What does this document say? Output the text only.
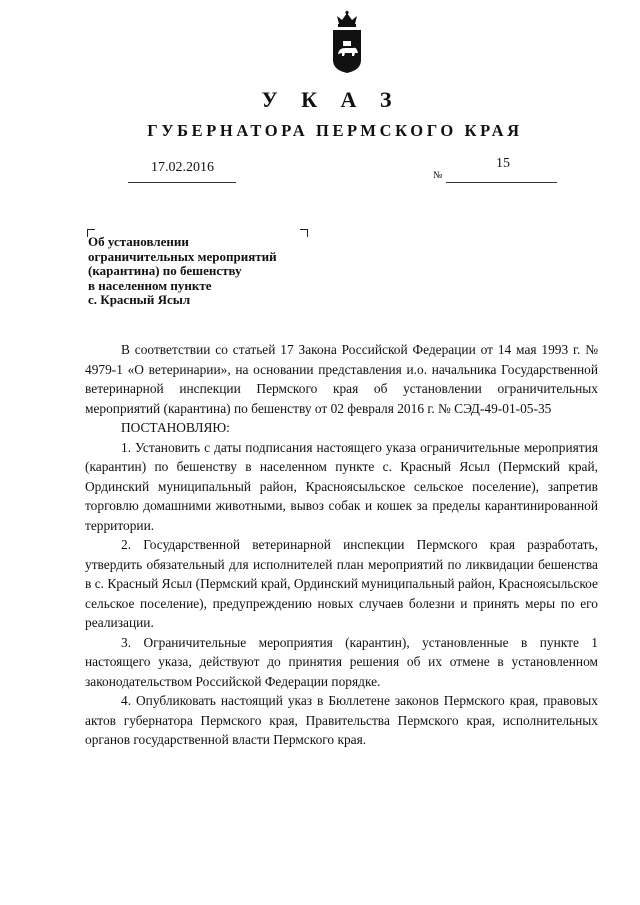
У К А З
ГУБЕРНАТОРА ПЕРМСКОГО КРАЯ
17.02.2016
№
15
Об установлении
ограничительных мероприятий
(карантина) по бешенству
в населенном пункте
с. Красный Ясыл

В соответствии со статьей 17 Закона Российской Федерации от 14 мая 1993 г. № 4979-1 «О ветеринарии», на основании представления и.о. начальника Государственной ветеринарной инспекции Пермского края об установлении ограничительных мероприятий (карантина) по бешенству от 02 февраля 2016 г. № СЭД-49-01-05-35

ПОСТАНОВЛЯЮ:

1. Установить с даты подписания настоящего указа ограничительные мероприятия (карантин) по бешенству в населенном пункте с. Красный Ясыл (Пермский край, Ординский муниципальный район, Красноясыльское сельское поселение), запретив торговлю домашними животными, вывоз собак и кошек за пределы карантинированной территории.

2. Государственной ветеринарной инспекции Пермского края разработать, утвердить обязательный для исполнителей план мероприятий по ликвидации бешенства в с. Красный Ясыл (Пермский край, Ординский муниципальный район, Красноясыльское сельское поселение), предупреждению новых случаев болезни и принять меры по его реализации.

3. Ограничительные мероприятия (карантин), установленные в пункте 1 настоящего указа, действуют до принятия решения об их отмене в установленном законодательством Российской Федерации порядке.

4. Опубликовать настоящий указ в Бюллетене законов Пермского края, правовых актов губернатора Пермского края, Правительства Пермского края, исполнительных органов государственной власти Пермского края.
